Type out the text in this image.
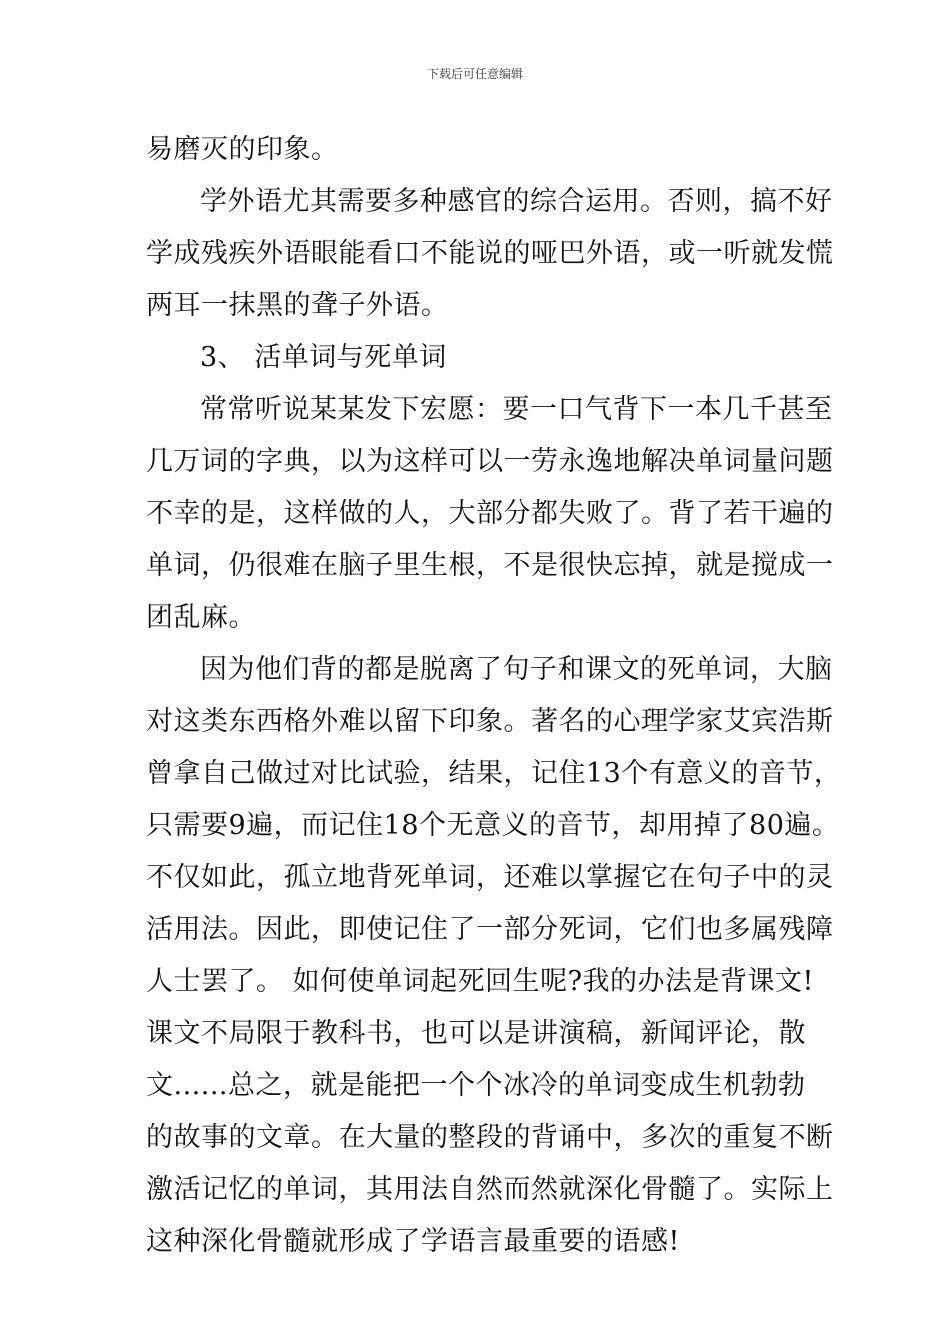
下载后可任意编辑
易磨灭的印象。
学外语尤其需要多种感官的综合运用。否则，搞不好
学成残疾外语眼能看口不能说的哑巴外语，或一听就发慌
两耳一抹黑的聋子外语。
3、 活单词与死单词
常常听说某某发下宏愿：要一口气背下一本几千甚至
几万词的字典，以为这样可以一劳永逸地解决单词量问题
不幸的是，这样做的人，大部分都失败了。背了若干遍的
单词，仍很难在脑子里生根，不是很快忘掉，就是搅成一
团乱麻。
因为他们背的都是脱离了句子和课文的死单词，大脑
对这类东西格外难以留下印象。著名的心理学家艾宾浩斯
曾拿自己做过对比试验，结果，记住13个有意义的音节，
只需要9遍，而记住18个无意义的音节，却用掉了80遍。
不仅如此，孤立地背死单词，还难以掌握它在句子中的灵
活用法。因此，即使记住了一部分死词，它们也多属残障
人士罢了。 如何使单词起死回生呢?我的办法是背课文!
课文不局限于教科书，也可以是讲演稿，新闻评论，散
文......总之，就是能把一个个冰冷的单词变成生机勃勃
的故事的文章。在大量的整段的背诵中，多次的重复不断
激活记忆的单词，其用法自然而然就深化骨髓了。实际上
这种深化骨髓就形成了学语言最重要的语感!
